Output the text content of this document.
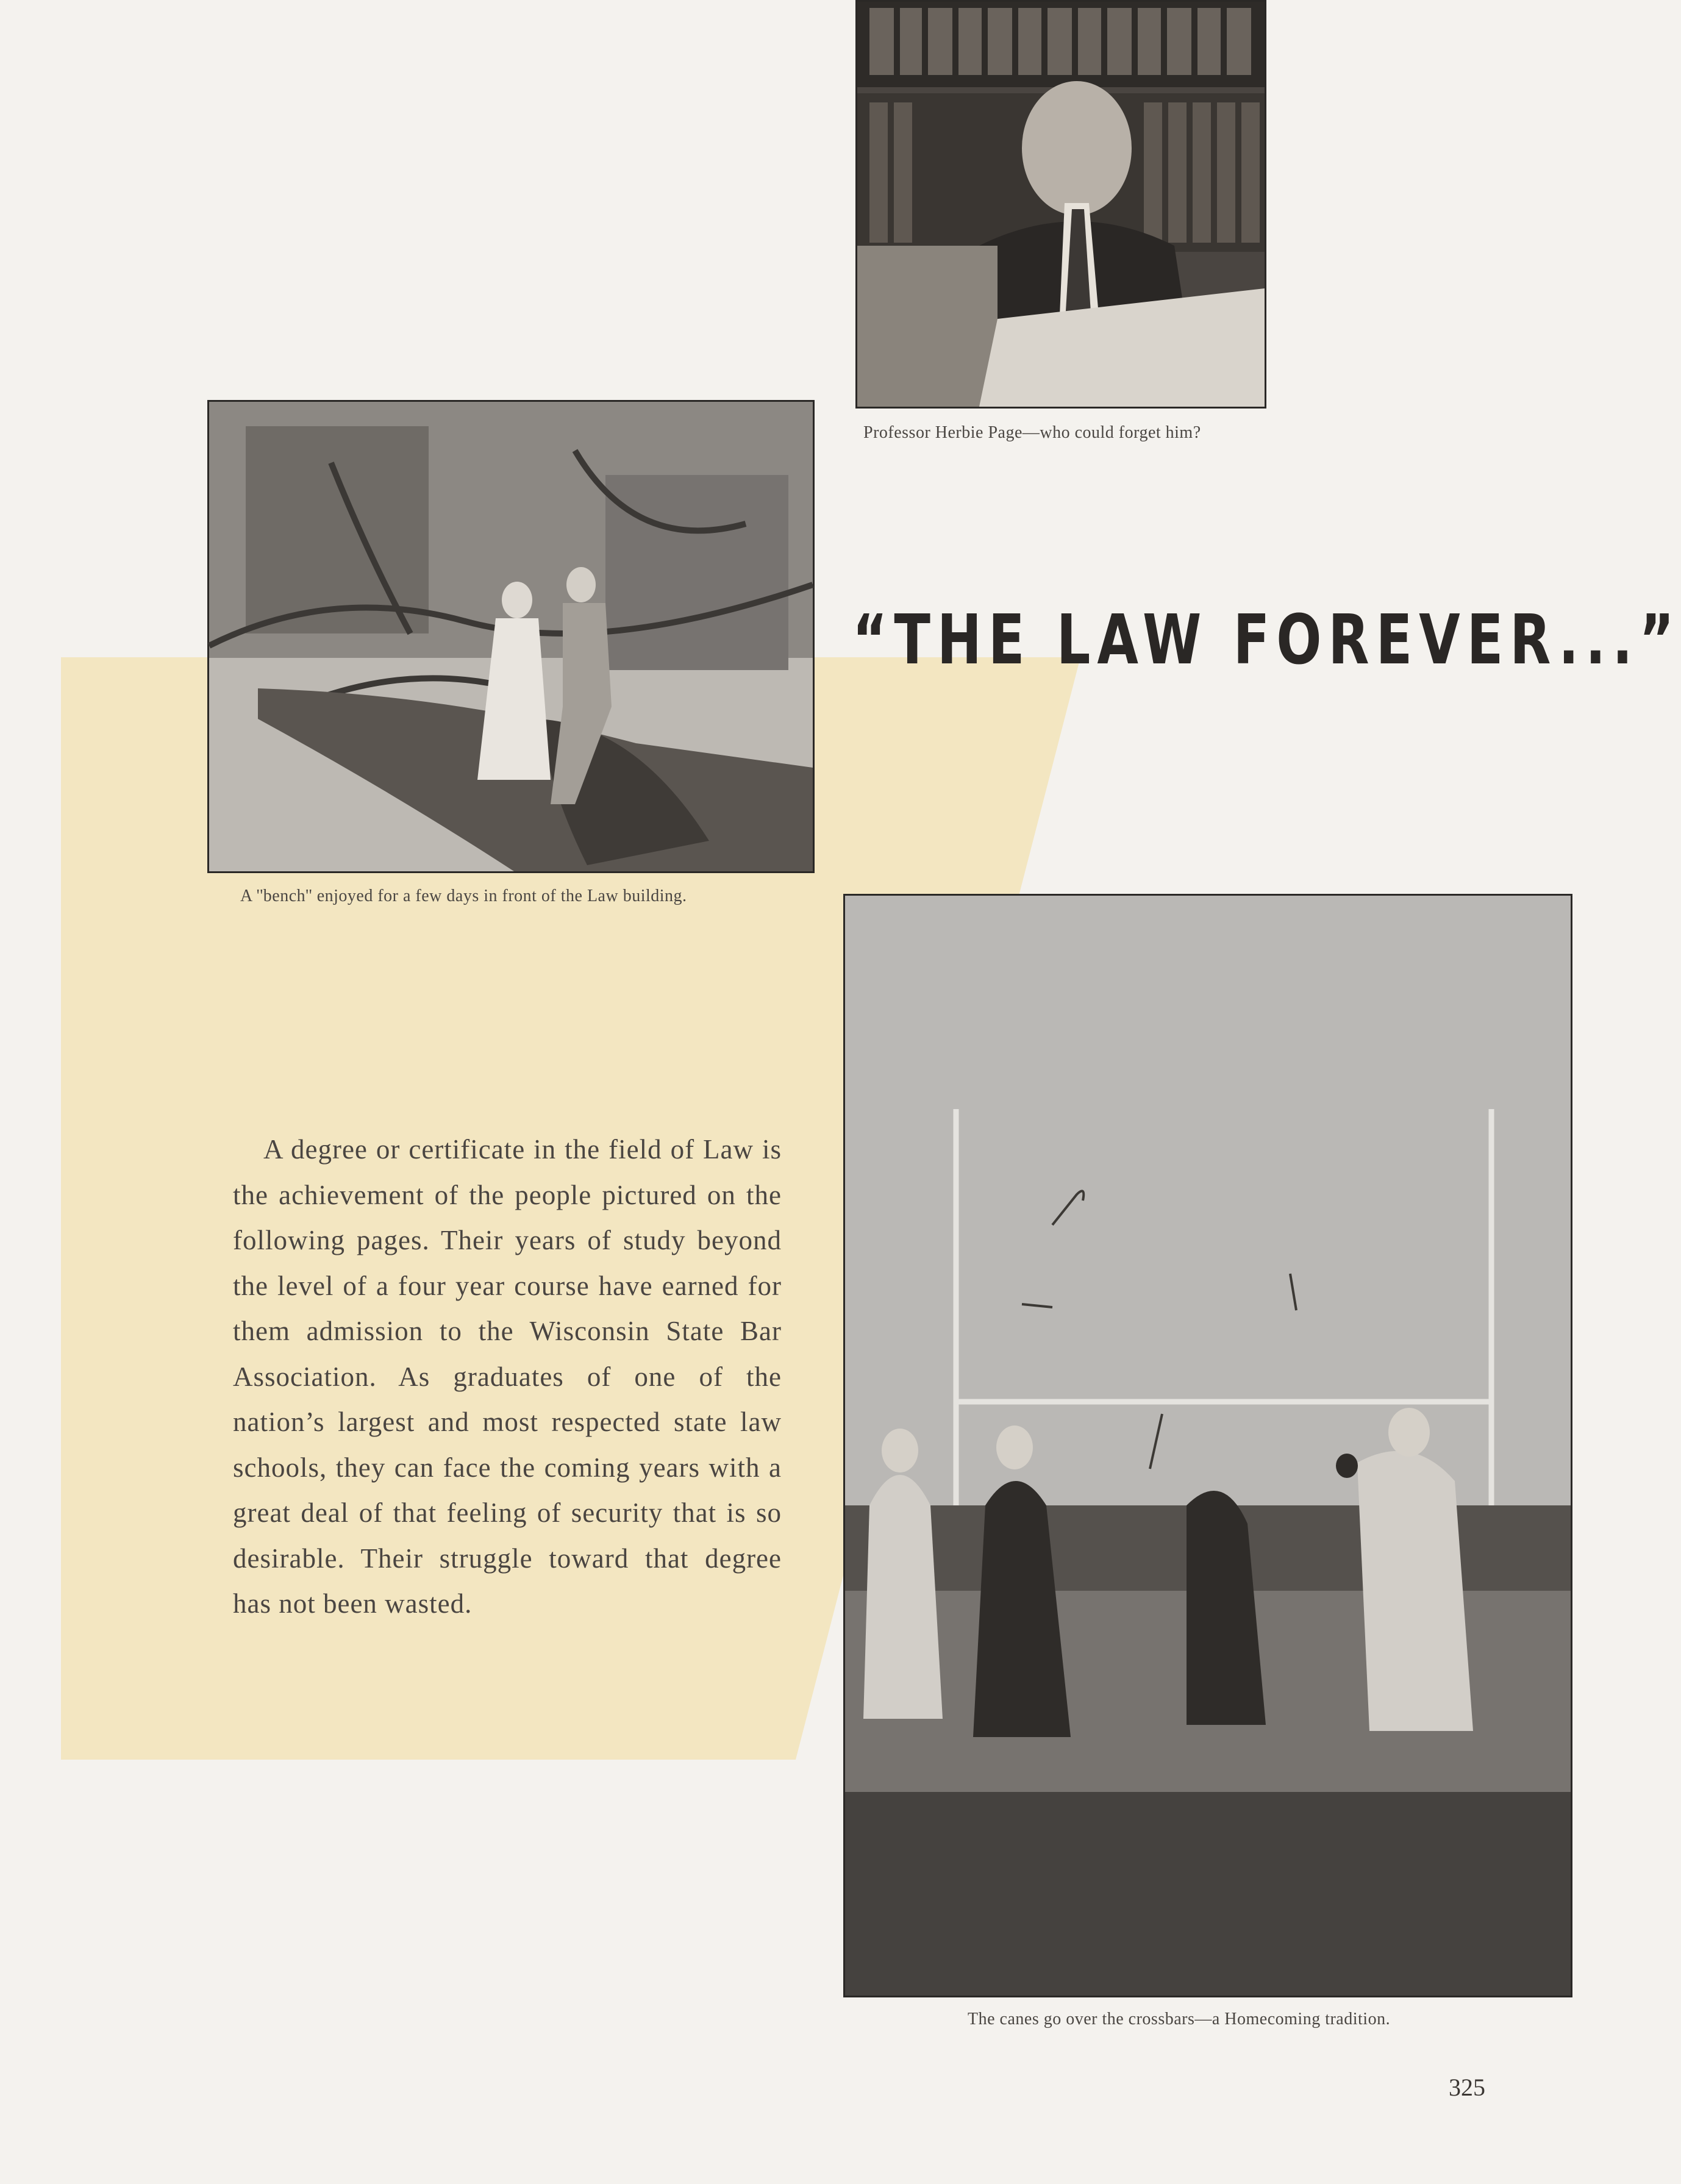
Professor Herbie Page—who could forget him?
A ''bench'' enjoyed for a few days in front of the Law building.
“THE LAW FOREVER...”
The canes go over the crossbars—a Homecoming tradition.
A degree or certificate in the field of Law is the achievement of the people pictured on the following pages. Their years of study beyond the level of a four year course have earned for them admission to the Wisconsin State Bar Association. As graduates of one of the nation’s largest and most respected state law schools, they can face the coming years with a great deal of that feeling of security that is so desirable. Their struggle toward that degree has not been wasted.
325
